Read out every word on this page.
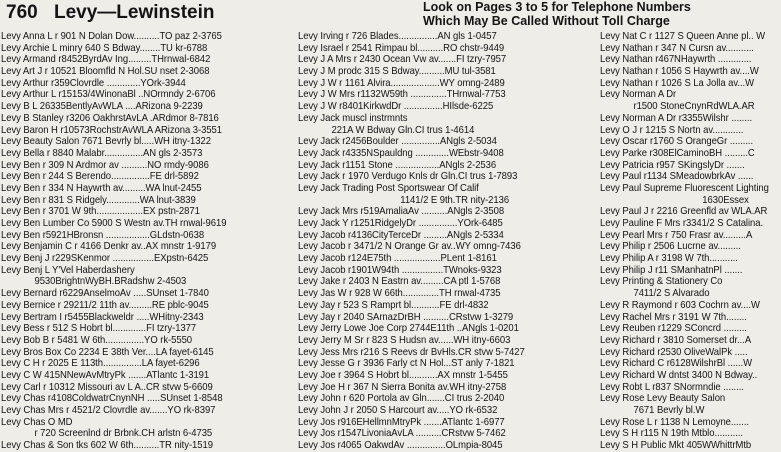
760 Levy—Lewinstein	Look on Pages 3 to 5 for Telephone Numbers
Which May Be Called Without Toll Charge
Levy Anna L r 901 N Dolan Dow..........TO paz 2-3765
Levy Archie L minry 640 S Bdway........TU kr-6788
Levy Armand r8452ByrdAv Ing.........THrnwal-6842
Levy Art J r 10521 Bloomfld N Hol.SU nset 2-3068
Levy Arthur r359Clovrdle .............YOrk-3944
Levy Arthur L r15153/4WinonaBl ..NOrmndy 2-6706
Levy B L 26335BentlyAvWLA ....ARizona 9-2239
Levy B Stanley r3206 OakhrstAvLA .ARdmor 8-7816
Levy Baron H r10573RochstrAvWLA ARizona 3-3551
Levy Beauty Salon 7671 Bevrly bl.....WH itny-1322
Levy Bella r 8840 Malabr...............AN gls 2-3573
Levy Ben r 309 N Ardmor av ..........NO rmdy-9086
Levy Ben r 244 S Berendo...............FE drl-5892
Levy Ben r 334 N Haywrth av.........WA lnut-2455
Levy Ben r 831 S Ridgely.............WA lnut-3839
Levy Ben r 3701 W 9th..................EX pstn-2871
Levy Ben Lumber Co 5900 S Westn av.TH rnwal-9619
Levy Ben r5921HBronsn .................GLdstn-0638
Levy Benjamin C r 4166 Denkr av..AX mnstr 1-9179
Levy Benj J r229SKenmor ................EXpstn-6425
Levy Benj L Y'Vel Haberdashery
9530BrightnWyBH.BRadshw 2-4503
Levy Bernard r6229AnselmoAv .....SUnset 1-7840
Levy Bernice r 29211/2 11th av.........RE pblc-9045
Levy Bertram I r5455Blackweldr .....WHitny-2343
Levy Bess r 512 S Hobrt bl.............FI tzry-1377
Levy Bob B r 5481 W 6th...............YO rk-5550
Levy Bros Box Co 2234 E 38th Ver....LA fayet-6145
Levy C H r 2025 E 113th...............LA fayet-6296
Levy C W 415NNewAvMtryPk .......ATlantc 1-3191
Levy Carl r 10312 Missouri av L A..CR stvw 5-6609
Levy Chas r4108ColdwatrCnynNH .....SUnset 1-8548
Levy Chas Mrs r 4521/2 Clovrdle av.......YO rk-8397
Levy Chas O MD
r 720 Screenlnd dr Brbnk.CH arlstn 6-4735
Levy Chas & Son tks 602 W 6th..........TR nity-1519
Levy Irving r 726 Blades...............AN gls 1-0457
Levy Israel r 2541 Rimpau bl..........RO chstr-9449
Levy J A Mrs r 2430 Ocean Vw av.......FI tzry-7957
Levy J M prodc 315 S Bdway..........MU tul-3581
Levy J W r 1161 Alvira...................WY omng-2489
Levy J W Mrs r1132W59th ..............THrnwal-7753
Levy J W r8401KirkwdDr ...............HIlsde-6225
Levy Jack muscl instrmnts
221A W Bdway Gln.CI trus 1-4614
Levy Jack r2456Boulder ...............ANgls 2-5034
Levy Jack r4335NSpauldng .............WEbstr-9408
Levy Jack r1151 Stone .................ANgls 2-2536
Levy Jack r 1970 Verdugo Knls dr Gln.CI trus 1-7893
Levy Jack Trading Post Sportswear Of Calif
1141/2 E 9th.TR nity-2136
Levy Jack Mrs r519AmaliaAv ..........ANgls 2-3508
Levy Jack Y r1251RidgelyDr ...............YOrk-6485
Levy Jacob r4136CityTerceDr .........ANgls 2-5334
Levy Jacob r 3471/2 N Orange Gr av..WY omng-7436
Levy Jacob r124E75th ..................PLent 1-8161
Levy Jacob r1901W94th ................TWnoks-9323
Levy Jake r 2403 N Eastrn av.........CA ptl 1-5768
Levy Jas W r 928 W 66th..............TH rnwal-4735
Levy Jay r 523 S Ramprt bl...........FE drl-4832
Levy Jay r 2040 SArnazDrBH ..........CRstvw 1-3279
Levy Jerry Lowe Joe Corp 2744E11th ..ANgls 1-0201
Levy Jerry M Sr r 823 S Hudsn av......WH itny-6603
Levy Jess Mrs r216 S Reevs dr BvHls.CR stvw 5-7427
Levy Jesse G r 3936 Farly ct N Hol...ST anly 7-1821
Levy Joe r 3964 S Hobrt bl...........AX mnstr 1-5455
Levy Joe H r 367 N Sierra Bonita av.WH itny-2758
Levy John r 620 Portola av Gln.......CI trus 2-2040
Levy John J r 2050 S Harcourt av.....YO rk-6532
Levy Jos r916EHellmnMtryPk .......ATlantc 1-6977
Levy Jos r1547LivoniaAvLA ..........CRstvw 5-7462
Levy Jos r4065 OakwdAv ...............OLmpia-8045
Levy Nat C r 1127 S Queen Anne pl.. W
Levy Nathan r 347 N Cursn av...........
Levy Nathan r467NHaywrth .............
Levy Nathan r 1056 S Haywrth av....W
Levy Nathan r 1026 S La Jolla av...W
Levy Norman A Dr
r1500 StoneCnynRdWLA.AR
Levy Norman A Dr r3355Wilshr ........
Levy O J r 1215 S Nortn av............
Levy Oscar r1760 S OrangeGr .........
Levy Parke r308ElCaminoBH .........C
Levy Patricia r957 SKingslyDr .......
Levy Paul r1134 SMeadowbrkAv ......
Levy Paul Supreme Fluorescent Lighting
1630Essex
Levy Paul J r 2216 Greenfld av WLA.AR
Levy Pauline F Mrs r3341/2 S Catalina.
Levy Pearl Mrs r 750 Frasr av.........A
Levy Philip r 2506 Lucrne av.........
Levy Philip A r 3198 W 7th...........
Levy Philip J r11 SManhatnPl .......
Levy Printing & Stationery Co
7411/2 S Alvarado
Levy R Raymond r 603 Cochrn av....W
Levy Rachel Mrs r 3191 W 7th........
Levy Reuben r1229 SConcrd .........
Levy Richard r 3810 Somerset dr...A
Levy Richard r2530 OliveWalPk .....
Levy Richard C r6128WilshrBl ......W
Levy Richard W dntst 3400 N Bdway..
Levy Robt L r837 SNormndie ........
Levy Rose Levy Beauty Salon
7671 Bevrly bl.W
Levy Rose L r 1138 N Lemoyne.......
Levy S H r115 N 19th Mtblo...........
Levy S H Public Mkt 405WWhittrMtb
